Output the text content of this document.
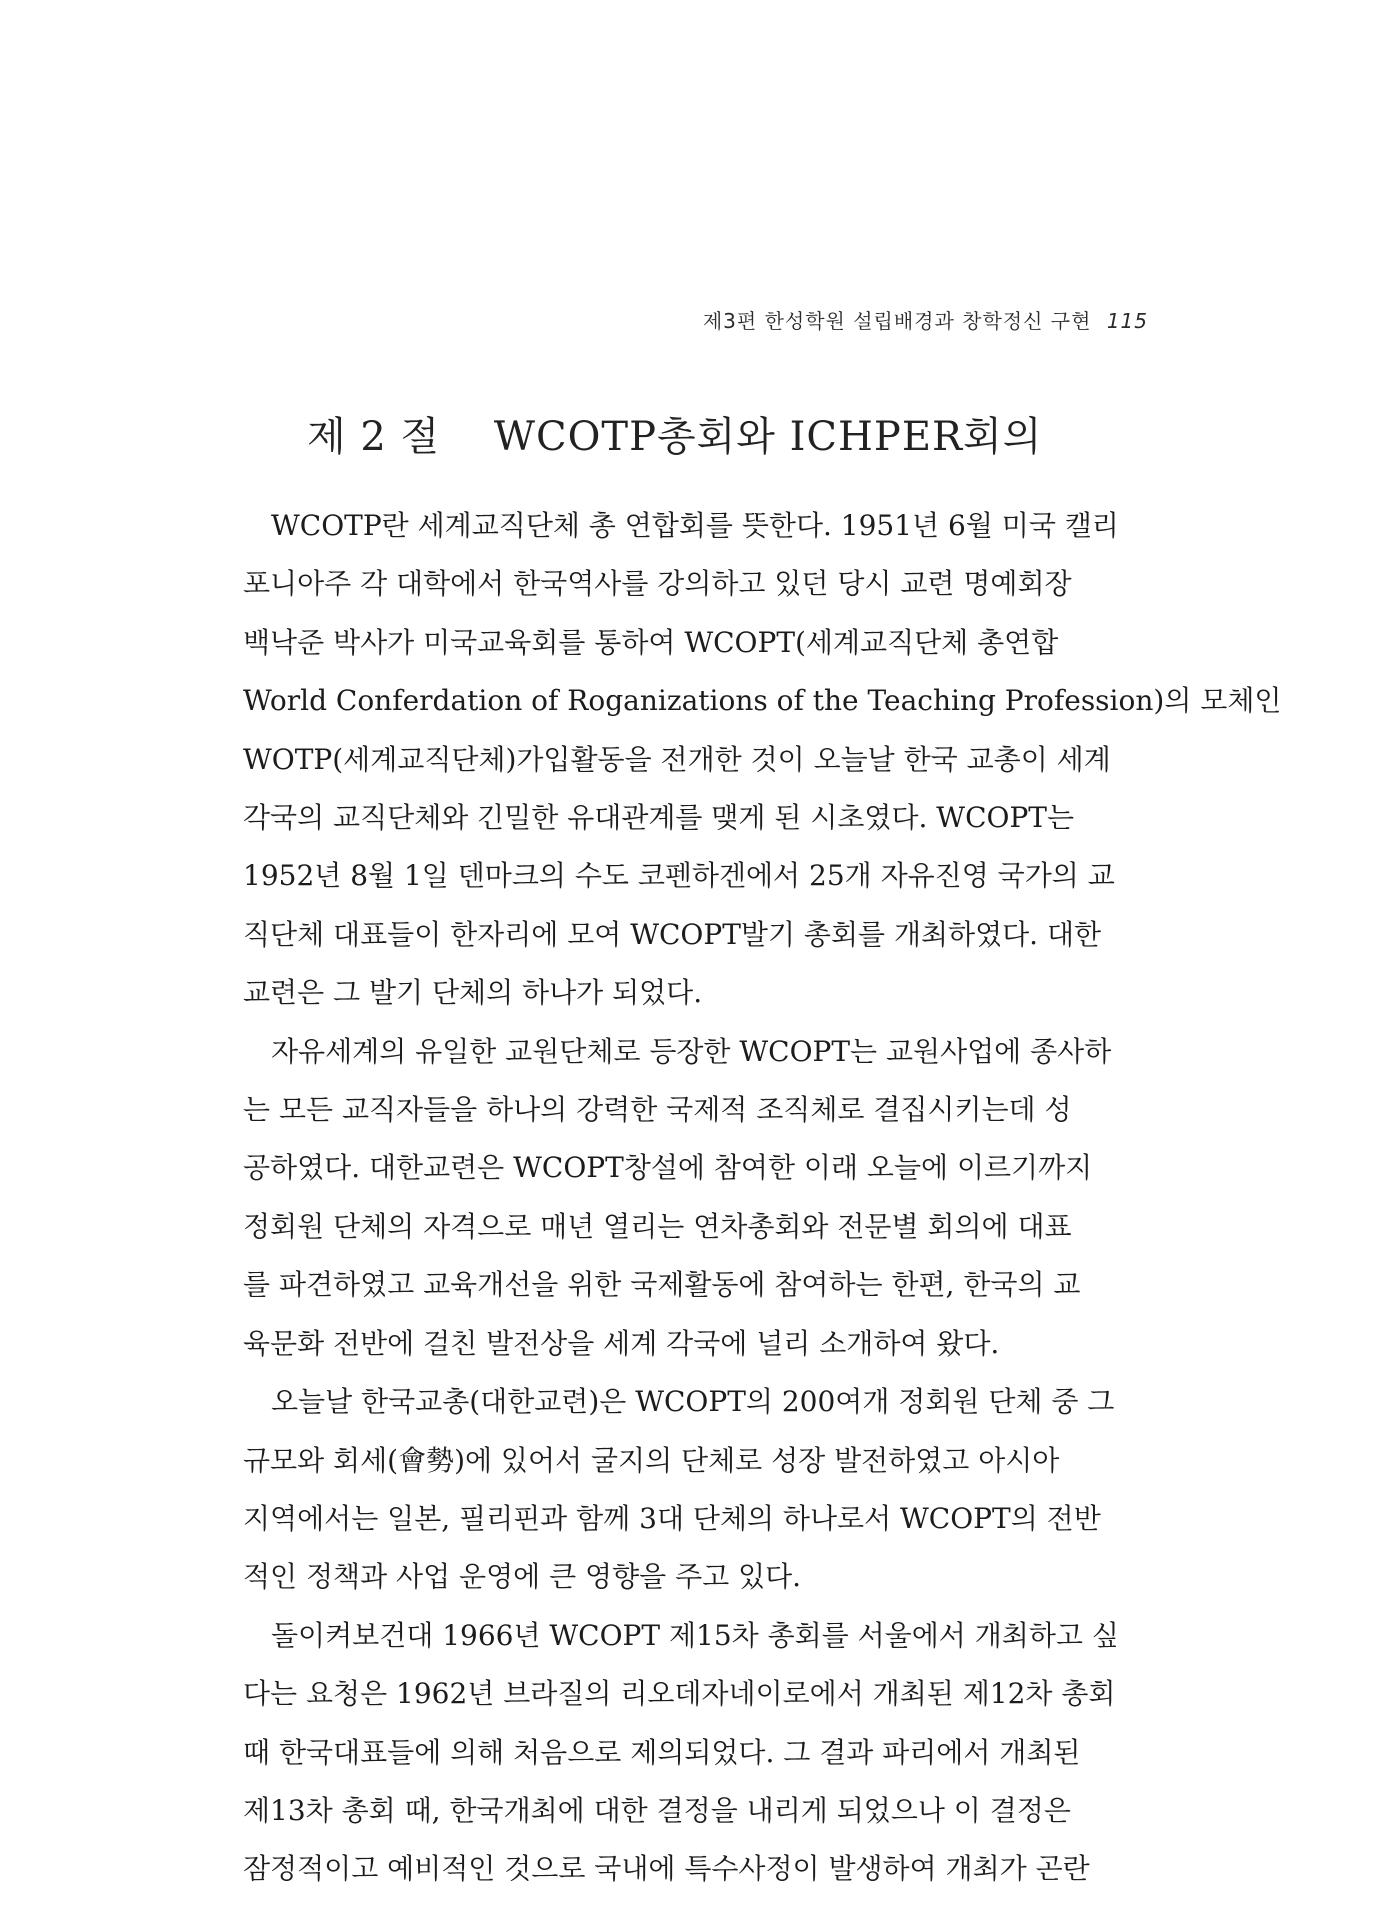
제3편 한성학원 설립배경과 창학정신 구현 115
제 2 절 WCOTP총회와 ICHPER회의

WCOTP란 세계교직단체 총 연합회를 뜻한다. 1951년 6월 미국 캘리
포니아주 각 대학에서 한국역사를 강의하고 있던 당시 교련 명예회장
백낙준 박사가 미국교육회를 통하여 WCOPT(세계교직단체 총연합
World Conferdation of Roganizations of the Teaching Profession)의 모체인
WOTP(세계교직단체)가입활동을 전개한 것이 오늘날 한국 교총이 세계
각국의 교직단체와 긴밀한 유대관계를 맺게 된 시초였다. WCOPT는
1952년 8월 1일 덴마크의 수도 코펜하겐에서 25개 자유진영 국가의 교
직단체 대표들이 한자리에 모여 WCOPT발기 총회를 개최하였다. 대한
교련은 그 발기 단체의 하나가 되었다.

자유세계의 유일한 교원단체로 등장한 WCOPT는 교원사업에 종사하
는 모든 교직자들을 하나의 강력한 국제적 조직체로 결집시키는데 성
공하였다. 대한교련은 WCOPT창설에 참여한 이래 오늘에 이르기까지
정회원 단체의 자격으로 매년 열리는 연차총회와 전문별 회의에 대표
를 파견하였고 교육개선을 위한 국제활동에 참여하는 한편, 한국의 교
육문화 전반에 걸친 발전상을 세계 각국에 널리 소개하여 왔다.

오늘날 한국교총(대한교련)은 WCOPT의 200여개 정회원 단체 중 그
규모와 회세(會勢)에 있어서 굴지의 단체로 성장 발전하였고 아시아
지역에서는 일본, 필리핀과 함께 3대 단체의 하나로서 WCOPT의 전반
적인 정책과 사업 운영에 큰 영향을 주고 있다.

돌이켜보건대 1966년 WCOPT 제15차 총회를 서울에서 개최하고 싶
다는 요청은 1962년 브라질의 리오데자네이로에서 개최된 제12차 총회
때 한국대표들에 의해 처음으로 제의되었다. 그 결과 파리에서 개최된
제13차 총회 때, 한국개최에 대한 결정을 내리게 되었으나 이 결정은
잠정적이고 예비적인 것으로 국내에 특수사정이 발생하여 개최가 곤란
